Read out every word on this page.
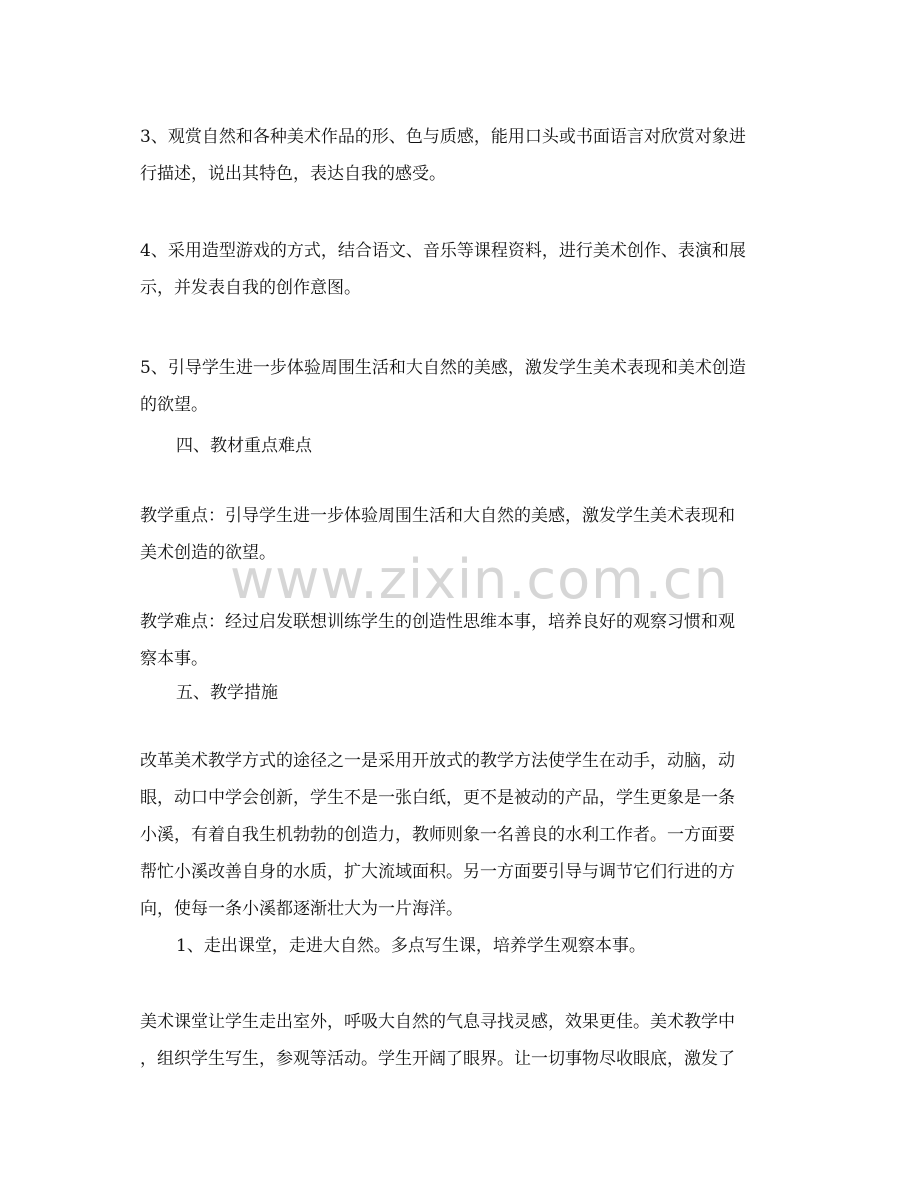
3、观赏自然和各种美术作品的形、色与质感，能用口头或书面语言对欣赏对象进
行描述，说出其特色，表达自我的感受。
4、采用造型游戏的方式，结合语文、音乐等课程资料，进行美术创作、表演和展
示，并发表自我的创作意图。
5、引导学生进一步体验周围生活和大自然的美感，激发学生美术表现和美术创造
的欲望。

四、教材重点难点

教学重点：引导学生进一步体验周围生活和大自然的美感，激发学生美术表现和
美术创造的欲望。
www.zixin.com.cn
教学难点：经过启发联想训练学生的创造性思维本事，培养良好的观察习惯和观
察本事。

五、教学措施

改革美术教学方式的途径之一是采用开放式的教学方法使学生在动手，动脑，动
眼，动口中学会创新，学生不是一张白纸，更不是被动的产品，学生更象是一条
小溪，有着自我生机勃勃的创造力，教师则象一名善良的水利工作者。一方面要
帮忙小溪改善自身的水质，扩大流域面积。另一方面要引导与调节它们行进的方
向，使每一条小溪都逐渐壮大为一片海洋。

1、走出课堂，走进大自然。多点写生课，培养学生观察本事。

美术课堂让学生走出室外，呼吸大自然的气息寻找灵感，效果更佳。美术教学中
，组织学生写生，参观等活动。学生开阔了眼界。让一切事物尽收眼底，激发了
